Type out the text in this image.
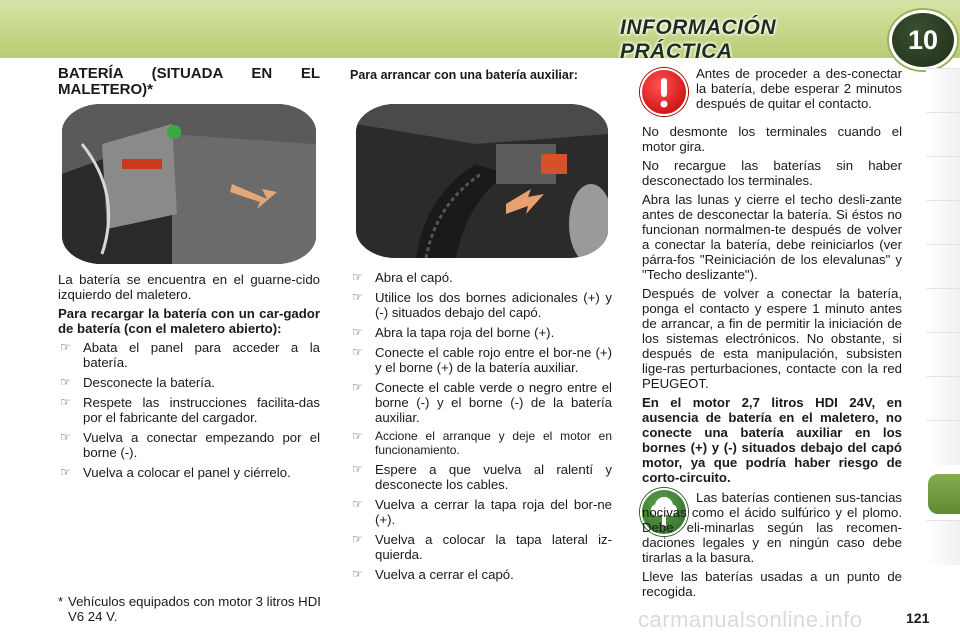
INFORMACIÓN PRÁCTICA	10

BATERÍA (SITUADA EN EL MALETERO)*

La batería se encuentra en el guarne-cido izquierdo del maletero.

Para recargar la batería con un car-gador de batería (con el maletero abierto):

☞ Abata el panel para acceder a la batería.
☞ Desconecte la batería.
☞ Respete las instrucciones facilita-das por el fabricante del cargador.
☞ Vuelva a conectar empezando por el borne (-).
☞ Vuelva a colocar el panel y ciérrelo.
* Vehículos equipados con motor 3 litros HDI V6 24 V.

Para arrancar con una batería auxiliar:

☞ Abra el capó.
☞ Utilice los dos bornes adicionales (+) y (-) situados debajo del capó.
☞ Abra la tapa roja del borne (+).
☞ Conecte el cable rojo entre el bor-ne (+) y el borne (+) de la batería auxiliar.
☞ Conecte el cable verde o negro entre el borne (-) y el borne (-) de la batería auxiliar.
☞ Accione el arranque y deje el motor en funcionamiento.
☞ Espere a que vuelva al ralentí y desconecte los cables.
☞ Vuelva a cerrar la tapa roja del bor-ne (+).
☞ Vuelva a colocar la tapa lateral iz-quierda.
☞ Vuelva a cerrar el capó.

Antes de proceder a des-conectar la batería, debe esperar 2 minutos después de quitar el contacto.

No desmonte los terminales cuando el motor gira.

No recargue las baterías sin haber desconectado los terminales.

Abra las lunas y cierre el techo desli-zante antes de desconectar la batería. Si éstos no funcionan normalmen-te después de volver a conectar la batería, debe reiniciarlos (ver párra-fos "Reiniciación de los elevalunas" y "Techo deslizante").

Después de volver a conectar la batería, ponga el contacto y espere 1 minuto antes de arrancar, a fin de permitir la iniciación de los sistemas electrónicos. No obstante, si después de esta manipulación, subsisten lige-ras perturbaciones, contacte con la red PEUGEOT.

En el motor 2,7 litros HDI 24V, en ausencia de batería en el maletero, no conecte una batería auxiliar en los bornes (+) y (-) situados debajo del capó motor, ya que podría haber riesgo de corto-circuito.

Las baterías contienen sus-tancias nocivas como el ácido sulfúrico y el plomo. Debe eli-minarlas según las recomen-daciones legales y en ningún caso debe tirarlas a la basura.

Lleve las baterías usadas a un punto de recogida.

carmanualsonline.info	121
